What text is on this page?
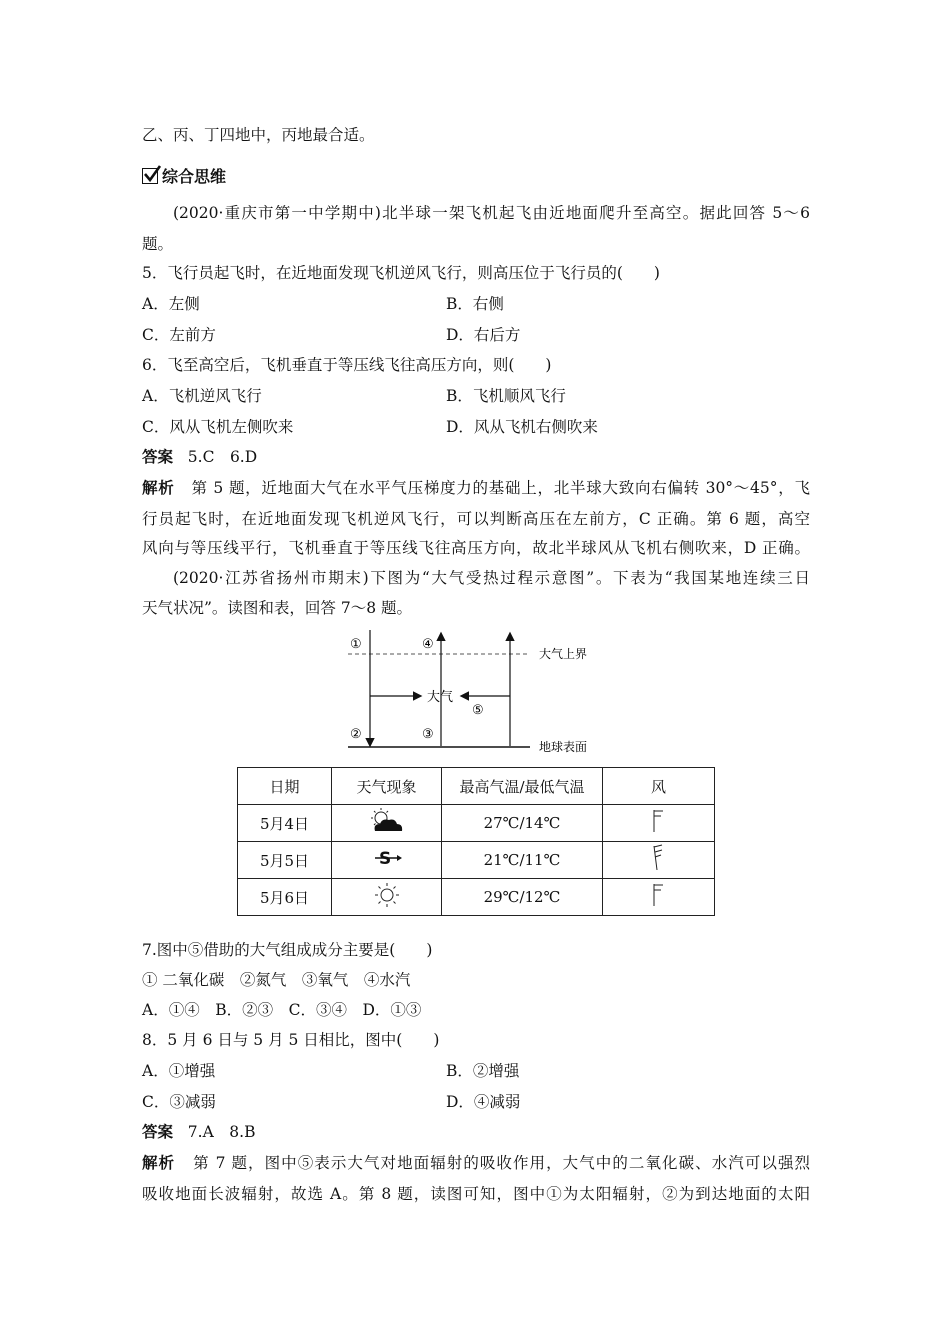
乙、丙、丁四地中，丙地最合适。
综合思维
(2020·重庆市第一中学期中)北半球一架飞机起飞由近地面爬升至高空。据此回答 5～6
题。
5．飞行员起飞时，在近地面发现飞机逆风飞行，则高压位于飞行员的(　　)
A．左侧	B．右侧
C．左前方	D．右后方
6．飞至高空后，飞机垂直于等压线飞往高压方向，则(　　)
A．飞机逆风飞行	B．飞机顺风飞行
C．风从飞机左侧吹来	D．风从飞机右侧吹来
答案 5.C　6.D
解析 第 5 题，近地面大气在水平气压梯度力的基础上，北半球大致向右偏转 30°～45°，飞
行员起飞时，在近地面发现飞机逆风飞行，可以判断高压在左前方，C 正确。第 6 题，高空
风向与等压线平行，飞机垂直于等压线飞往高压方向，故北半球风从飞机右侧吹来，D 正确。
(2020·江苏省扬州市期末)下图为“大气受热过程示意图”。下表为“我国某地连续三日
天气状况”。读图和表，回答 7～8 题。
①	④
大气
⑤
②	③
大气上界
地球表面
日期	天气现象	最高气温/最低气温	风
5月4日		27℃/14℃	
5月5日	S	21℃/11℃	
5月6日		29℃/12℃	
7.图中⑤借助的大气组成成分主要是(　　)
① 二氧化碳　②氮气　③氧气　④水汽
A．①④　B．②③　C．③④　D．①③
8．5 月 6 日与 5 月 5 日相比，图中(　　)
A．①增强	B．②增强
C．③减弱	D．④减弱
答案 7.A　8.B
解析 第 7 题，图中⑤表示大气对地面辐射的吸收作用，大气中的二氧化碳、水汽可以强烈
吸收地面长波辐射，故选 A。第 8 题，读图可知，图中①为太阳辐射，②为到达地面的太阳
